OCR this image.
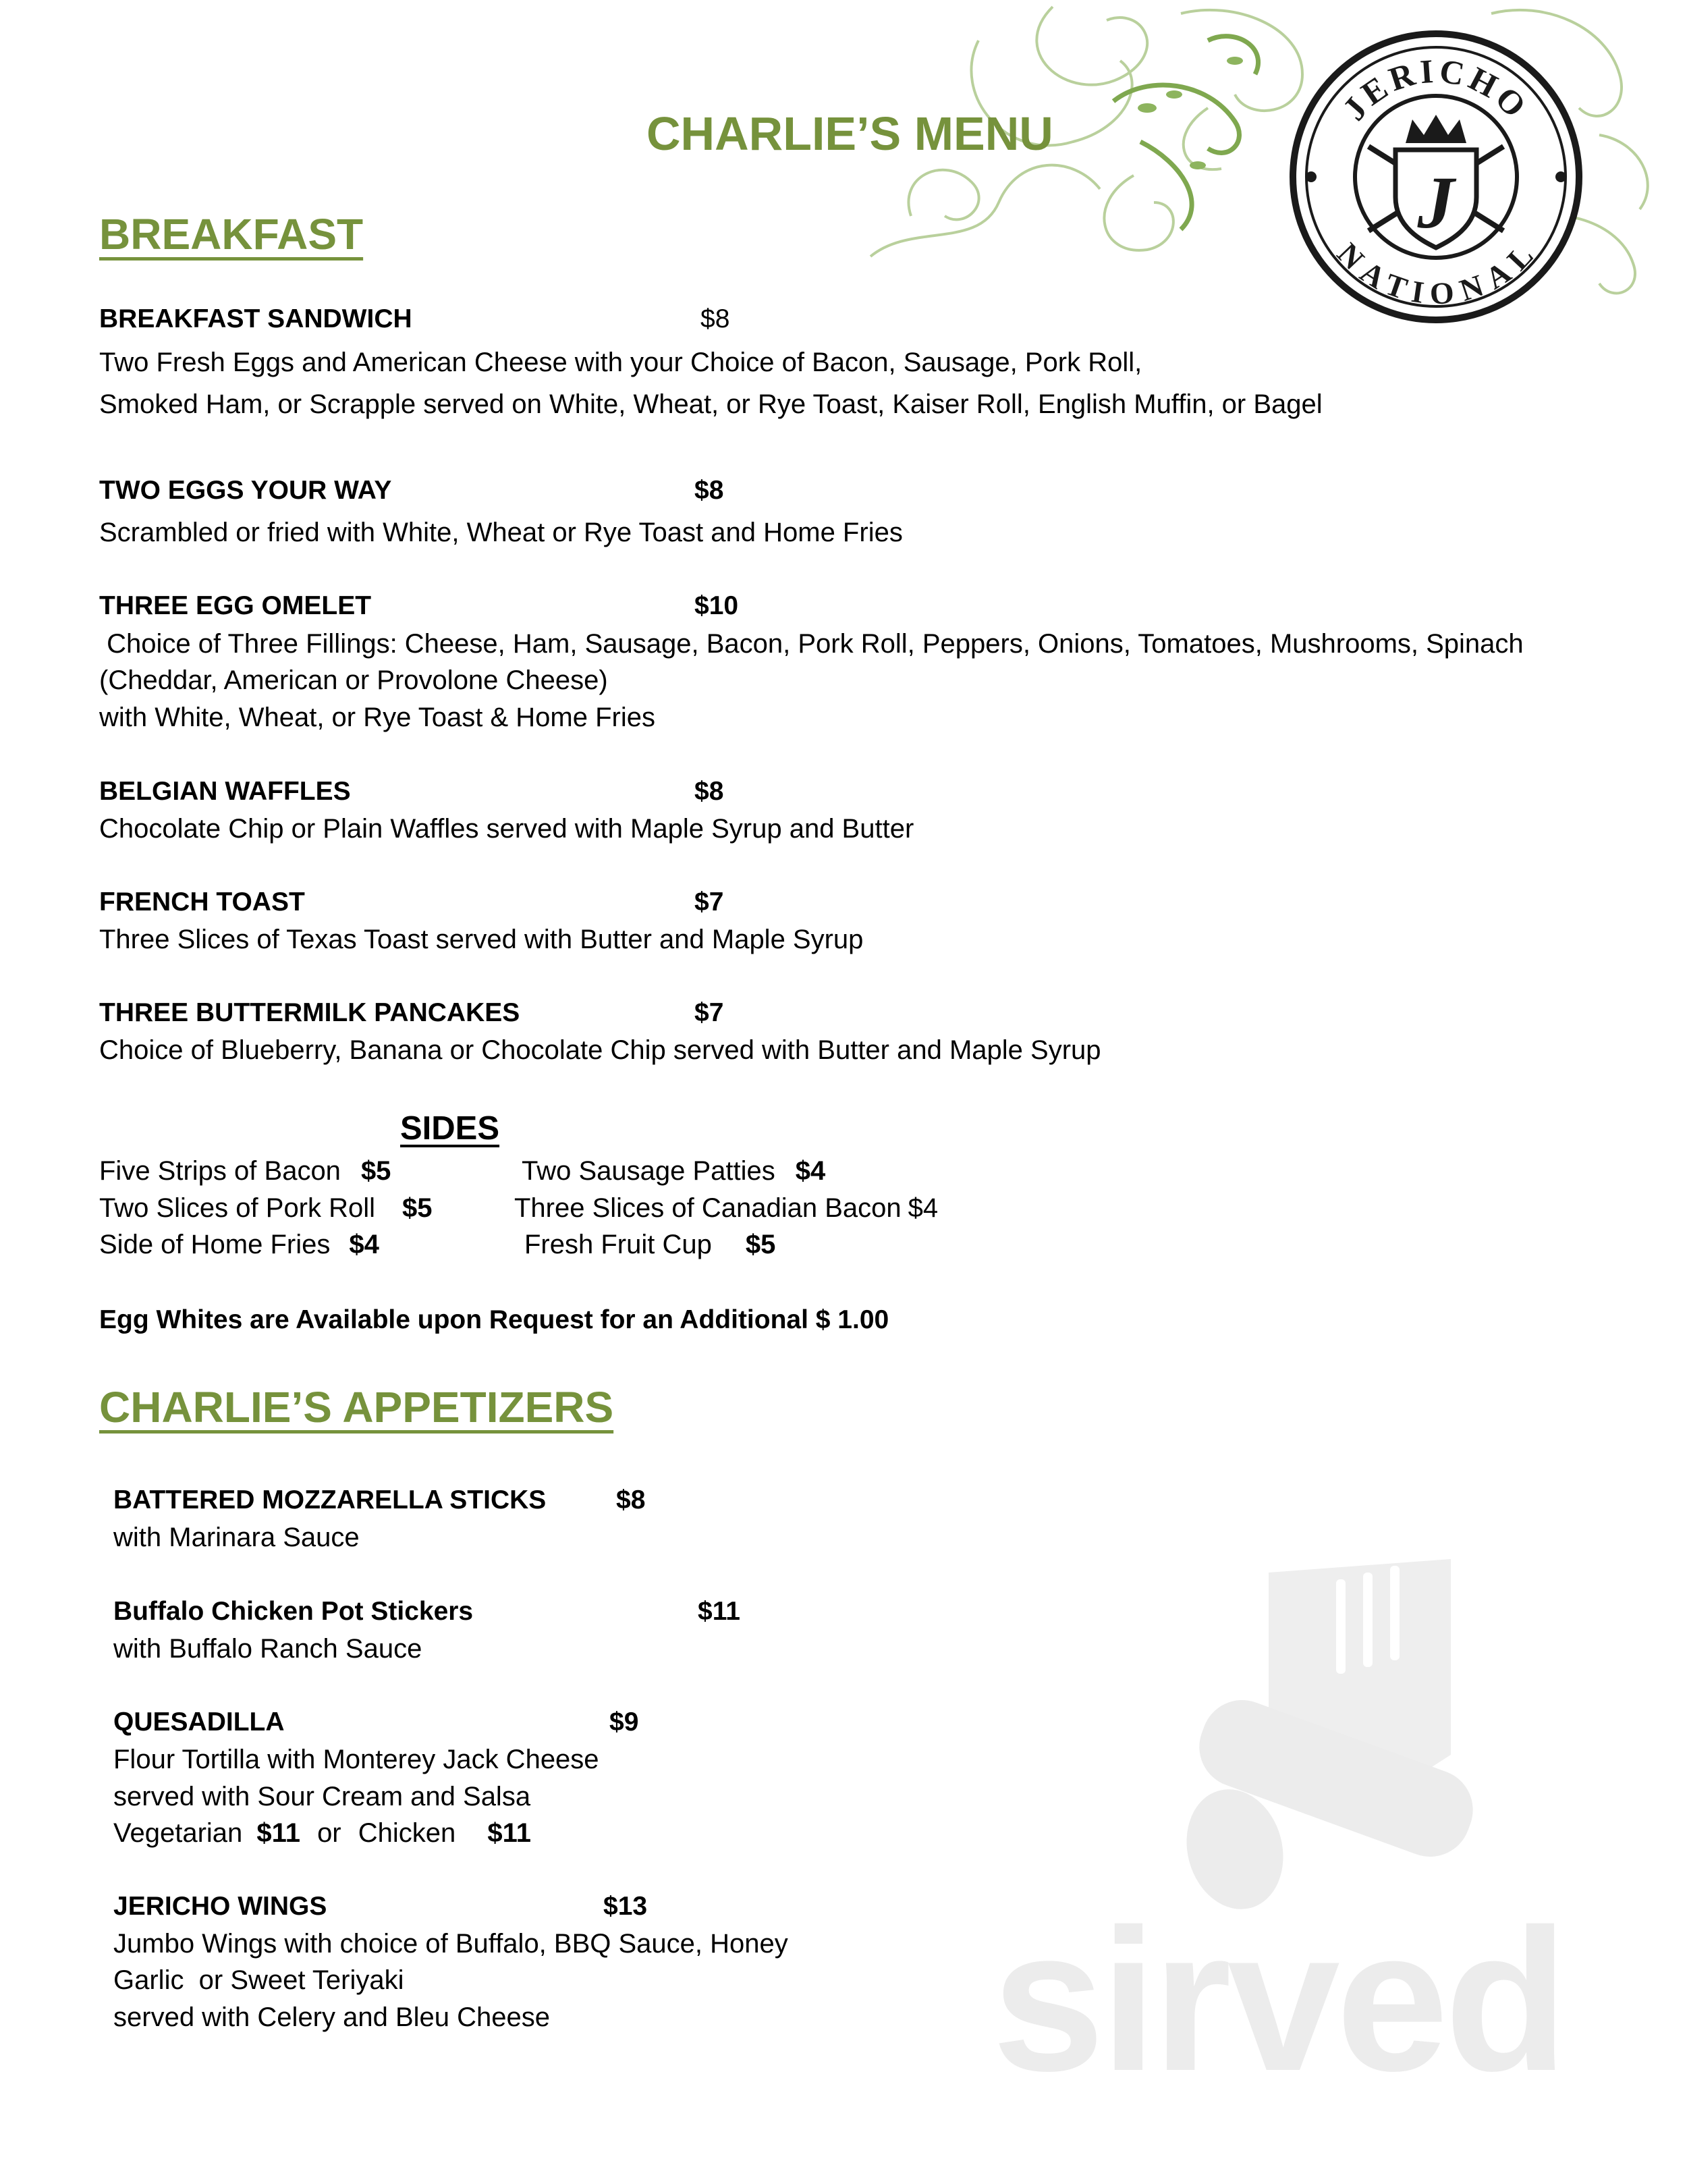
JERICHO
NATIONAL
J
CHARLIE’S MENU
BREAKFAST
BREAKFAST SANDWICH	$8
Two Fresh Eggs and American Cheese with your Choice of Bacon, Sausage, Pork Roll,
Smoked Ham, or Scrapple served on White, Wheat, or Rye Toast, Kaiser Roll, English Muffin, or Bagel
TWO EGGS YOUR WAY	$8
Scrambled or fried with White, Wheat or Rye Toast and Home Fries
THREE EGG OMELET	$10
Choice of Three Fillings: Cheese, Ham, Sausage, Bacon, Pork Roll, Peppers, Onions, Tomatoes, Mushrooms, Spinach
(Cheddar, American or Provolone Cheese)
with White, Wheat, or Rye Toast & Home Fries
BELGIAN WAFFLES	$8
Chocolate Chip or Plain Waffles served with Maple Syrup and Butter
FRENCH TOAST	$7
Three Slices of Texas Toast served with Butter and Maple Syrup
THREE BUTTERMILK PANCAKES	$7
Choice of Blueberry, Banana or Chocolate Chip served with Butter and Maple Syrup
SIDES
Five Strips of Bacon $5	Two Sausage Patties $4
Two Slices of Pork Roll $5	Three Slices of Canadian Bacon $4
Side of Home Fries $4	Fresh Fruit Cup $5
Egg Whites are Available upon Request for an Additional $ 1.00
CHARLIE’S APPETIZERS
BATTERED MOZZARELLA STICKS	$8
with Marinara Sauce
Buffalo Chicken Pot Stickers	$11
with Buffalo Ranch Sauce
QUESADILLA	$9
Flour Tortilla with Monterey Jack Cheese
served with Sour Cream and Salsa
Vegetarian $11 or Chicken $11
JERICHO WINGS	$13
Jumbo Wings with choice of Buffalo, BBQ Sauce, Honey
Garlic  or Sweet Teriyaki
served with Celery and Bleu Cheese sirved
